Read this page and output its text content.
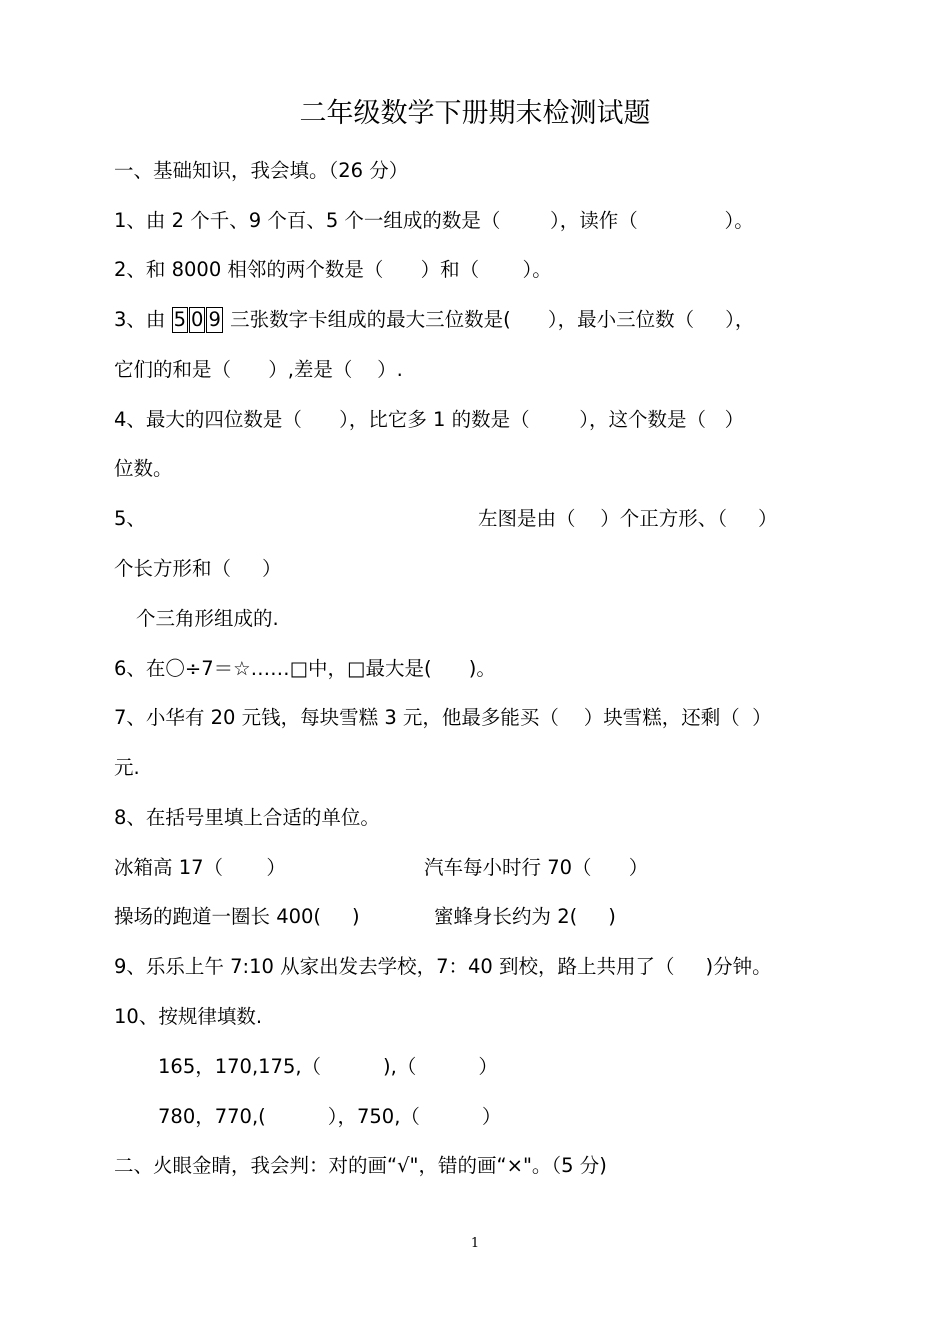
二年级数学下册期末检测试题
一、基础知识，我会填。（26 分）
1、由 2 个千、9 个百、5 个一组成的数是（        ），读作（              ）。
2、和 8000 相邻的两个数是（      ）和（       ）。
3、由 5 0 9 三张数字卡组成的最大三位数是(      ），最小三位数（     ），
它们的和是（      ）,差是（    ）.
4、最大的四位数是（      ），比它多 1 的数是（        ），这个数是（   ）
位数。
5、	左图是由（    ）个正方形、（     ）
个长方形和（     ）
个三角形组成的.
6、在〇÷7＝☆……□中，□最大是(      )。
7、小华有 20 元钱，每块雪糕 3 元，他最多能买（    ）块雪糕，还剩（  ）
元.
8、在括号里填上合适的单位。
冰箱高 17（       ）	汽车每小时行 70（      ）
操场的跑道一圈长 400(     )	蜜蜂身长约为 2(     )
9、乐乐上午 7:10 从家出发去学校，7：40 到校，路上共用了（     )分钟。
10、按规律填数.
165，170,175,（          ),（          ）
780，770,(          ），750,（          ）
二、火眼金睛，我会判：对的画“√"，错的画“×"。（5 分)
1
